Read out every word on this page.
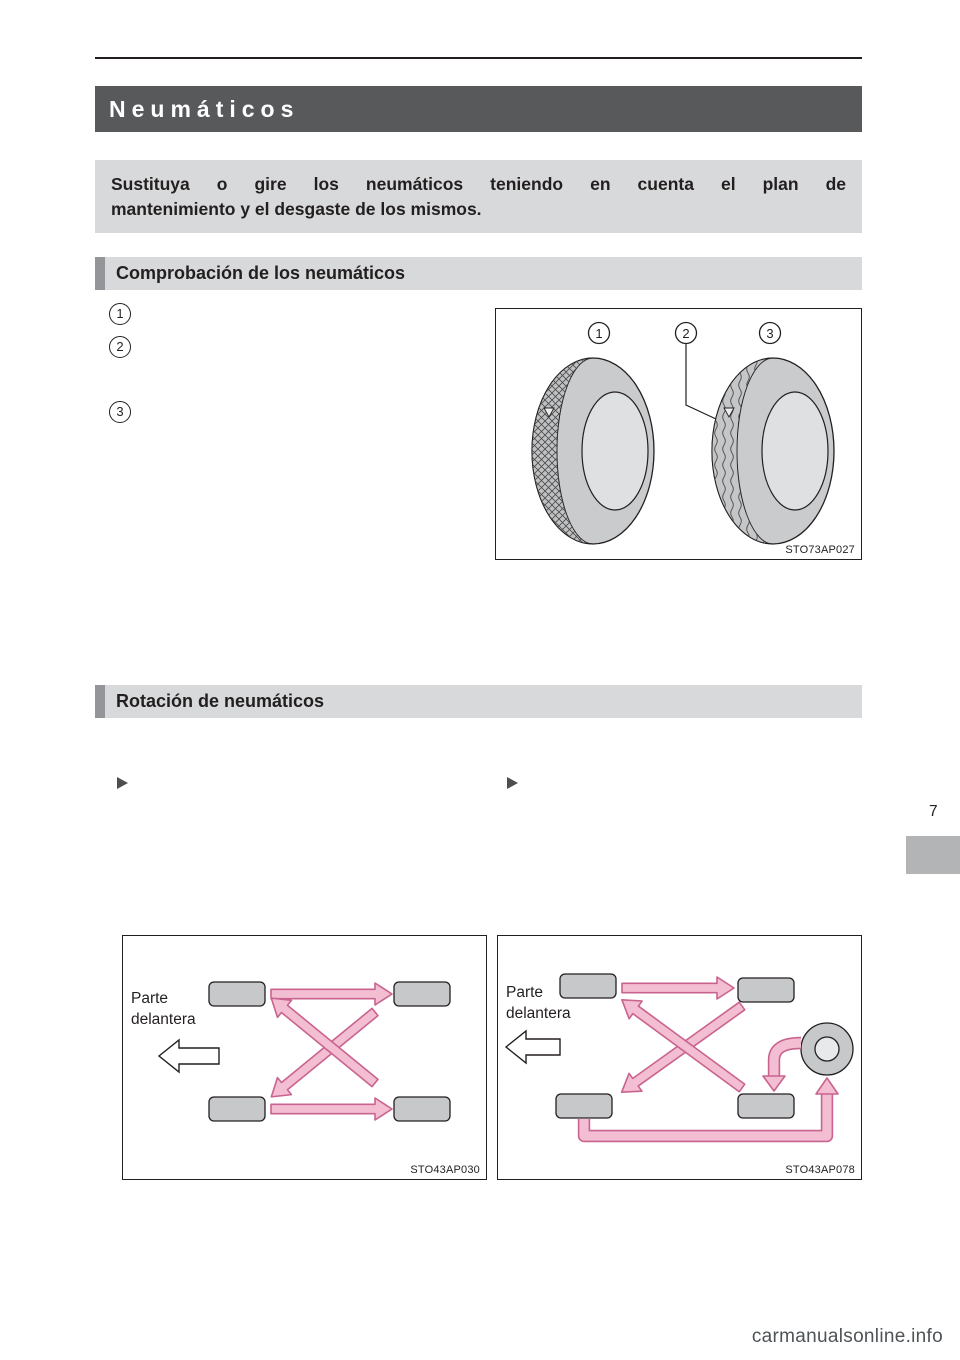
Neumáticos
Sustituya o gire los neumáticos teniendo en cuenta el plan de
mantenimiento y el desgaste de los mismos.
Comprobación de los neumáticos
1
2
3
1	2	3
STO73AP027
Rotación de neumáticos
7
Parte delantera
STO43AP030
Parte delantera
STO43AP078
carmanualsonline.info
